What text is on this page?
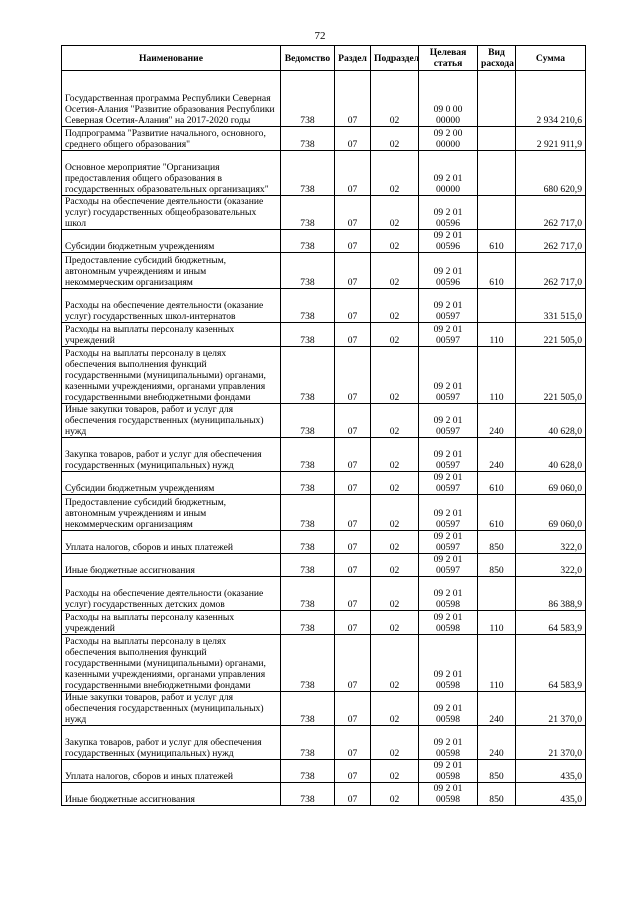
72
Наименование	Ведомство	Раздел	Подраздел	Целевая статья	Вид расхода	Сумма
Государственная программа Республики Северная Осетия-Алания "Развитие образования Республики Северная Осетия-Алания" на 2017-2020 годы	738	07	02	09 0 00 00000		2 934 210,6
Подпрограмма "Развитие начального, основного, среднего общего образования"	738	07	02	09 2 00 00000		2 921 911,9
Основное мероприятие "Организация предоставления общего образования в государственных образовательных организациях"	738	07	02	09 2 01 00000		680 620,9
Расходы на обеспечение деятельности (оказание услуг) государственных общеобразовательных школ	738	07	02	09 2 01 00596		262 717,0
Субсидии бюджетным учреждениям	738	07	02	09 2 01 00596	610	262 717,0
Предоставление субсидий бюджетным, автономным учреждениям и иным некоммерческим организациям	738	07	02	09 2 01 00596	610	262 717,0
Расходы на обеспечение деятельности (оказание услуг) государственных школ-интернатов	738	07	02	09 2 01 00597		331 515,0
Расходы на выплаты персоналу казенных учреждений	738	07	02	09 2 01 00597	110	221 505,0
Расходы на выплаты персоналу в целях обеспечения выполнения функций государственными (муниципальными) органами, казенными учреждениями, органами управления государственными внебюджетными фондами	738	07	02	09 2 01 00597	110	221 505,0
Иные закупки товаров, работ и услуг для обеспечения государственных (муниципальных) нужд	738	07	02	09 2 01 00597	240	40 628,0
Закупка товаров, работ и услуг для обеспечения государственных (муниципальных) нужд	738	07	02	09 2 01 00597	240	40 628,0
Субсидии бюджетным учреждениям	738	07	02	09 2 01 00597	610	69 060,0
Предоставление субсидий бюджетным, автономным учреждениям и иным некоммерческим организациям	738	07	02	09 2 01 00597	610	69 060,0
Уплата налогов, сборов и иных платежей	738	07	02	09 2 01 00597	850	322,0
Иные бюджетные ассигнования	738	07	02	09 2 01 00597	850	322,0
Расходы на обеспечение деятельности (оказание услуг) государственных детских домов	738	07	02	09 2 01 00598		86 388,9
Расходы на выплаты персоналу казенных учреждений	738	07	02	09 2 01 00598	110	64 583,9
Расходы на выплаты персоналу в целях обеспечения выполнения функций государственными (муниципальными) органами, казенными учреждениями, органами управления государственными внебюджетными фондами	738	07	02	09 2 01 00598	110	64 583,9
Иные закупки товаров, работ и услуг для обеспечения государственных (муниципальных) нужд	738	07	02	09 2 01 00598	240	21 370,0
Закупка товаров, работ и услуг для обеспечения государственных (муниципальных) нужд	738	07	02	09 2 01 00598	240	21 370,0
Уплата налогов, сборов и иных платежей	738	07	02	09 2 01 00598	850	435,0
Иные бюджетные ассигнования	738	07	02	09 2 01 00598	850	435,0
